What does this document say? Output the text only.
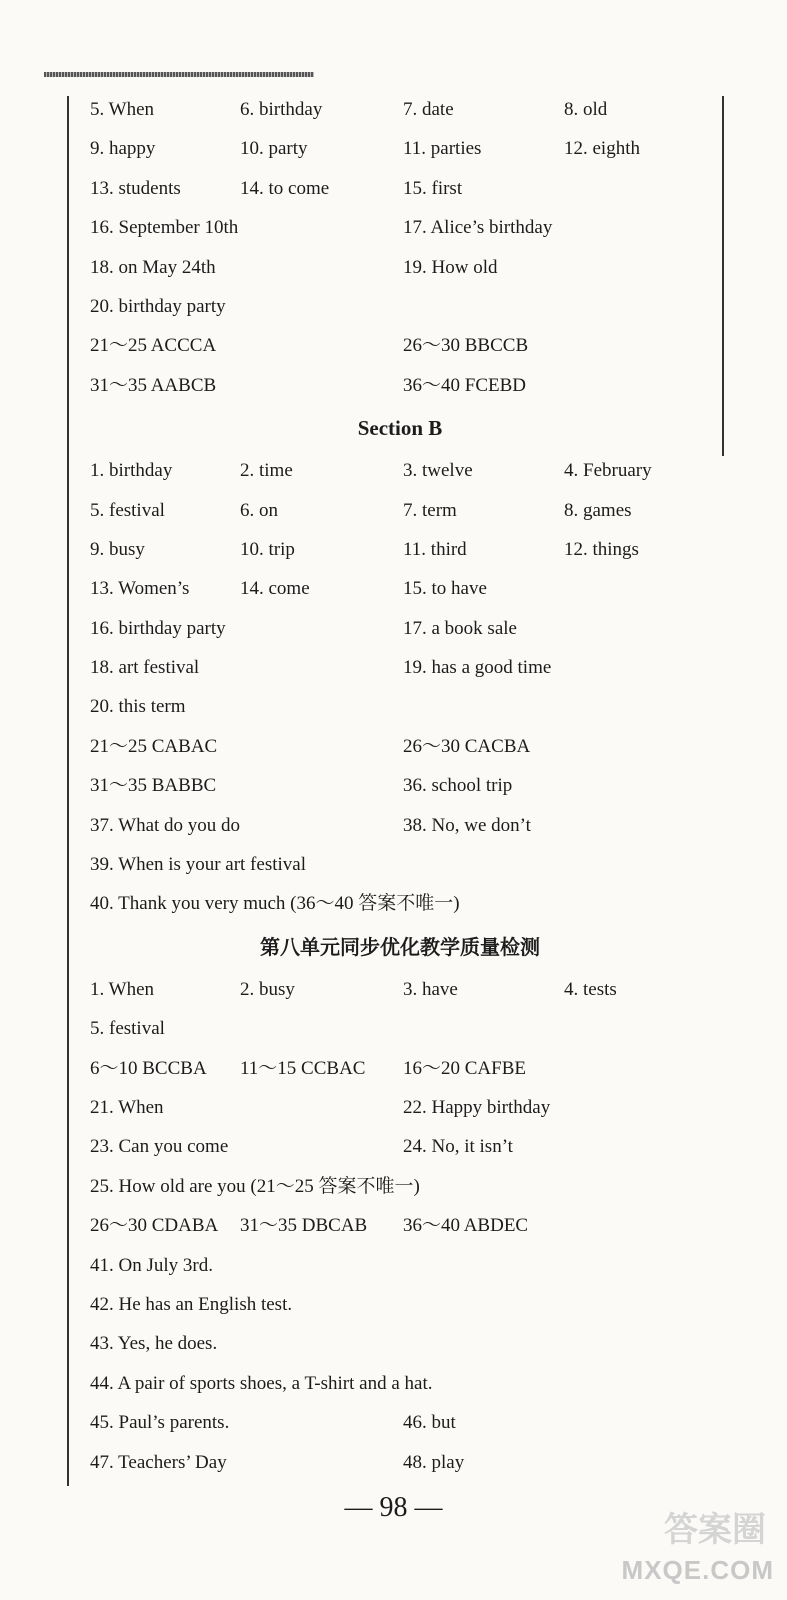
5. When	6. birthday	7. date	8. old
9. happy	10. party	11. parties	12. eighth
13. students	14. to come	15. first
16. September 10th	17. Alice’s birthday
18. on May 24th	19. How old
20. birthday party
21～25 ACCCA	26～30 BBCCB
31～35 AABCB	36～40 FCEBD
Section B
1. birthday	2. time	3. twelve	4. February
5. festival	6. on	7. term	8. games
9. busy	10. trip	11. third	12. things
13. Women’s	14. come	15. to have
16. birthday party	17. a book sale
18. art festival	19. has a good time
20. this term
21～25 CABAC	26～30 CACBA
31～35 BABBC	36. school trip
37. What do you do	38. No, we don’t
39. When is your art festival
40. Thank you very much (36～40 答案不唯一)
第八单元同步优化教学质量检测
1. When	2. busy	3. have	4. tests
5. festival
6～10 BCCBA 11～15 CCBAC 16～20 CAFBE
21. When	22. Happy birthday
23. Can you come	24. No, it isn’t
25. How old are you (21～25 答案不唯一)
26～30 CDABA 31～35 DBCAB 36～40 ABDEC
41. On July 3rd.
42. He has an English test.
43. Yes, he does.
44. A pair of sports shoes, a T-shirt and a hat.
45. Paul’s parents.	46. but
47. Teachers’ Day	48. play
— 98 —
答案圈
MXQE.COM
